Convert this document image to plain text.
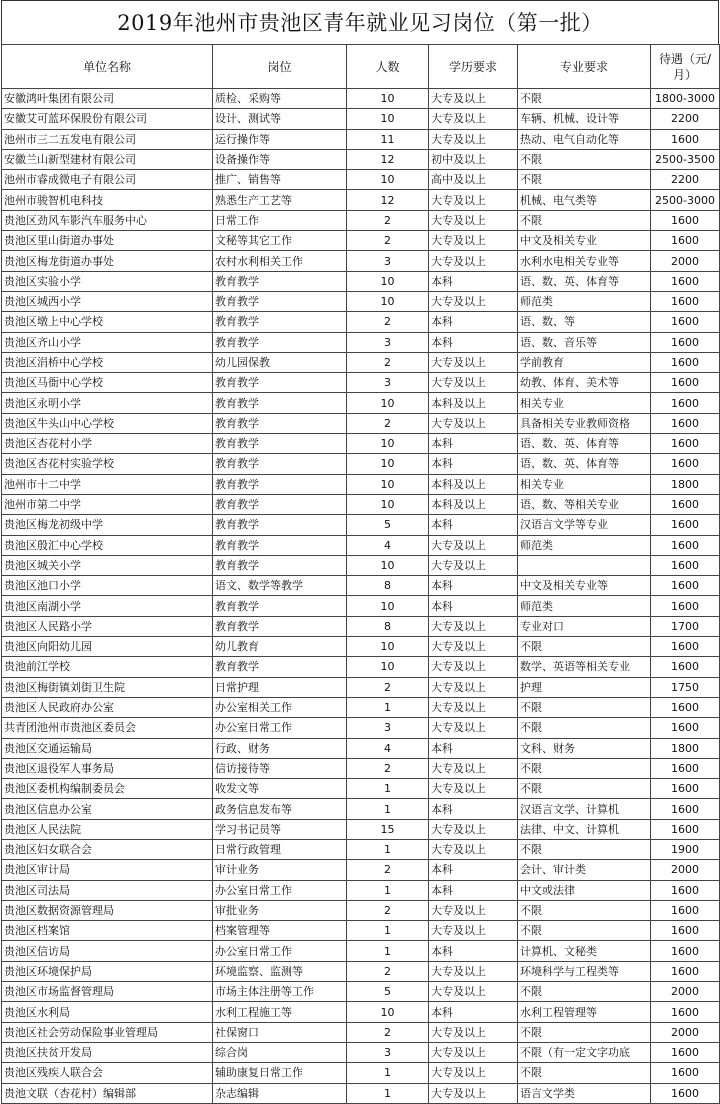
2019年池州市贵池区青年就业见习岗位（第一批）
单位名称	岗位	人数	学历要求	专业要求	待遇（元/月）
安徽鸿叶集团有限公司	质检、采购等	10	大专及以上	不限	1800-3000
安徽艾可蓝环保股份有限公司	设计、测试等	10	大专及以上	车辆、机械、设计等	2200
池州市三二五发电有限公司	运行操作等	11	大专及以上	热动、电气自动化等	1600
安徽兰山新型建材有限公司	设备操作等	12	初中及以上	不限	2500-3500
池州市睿成微电子有限公司	推广、销售等	10	高中及以上	不限	2200
池州市骏智机电科技	熟悉生产工艺等	12	大专及以上	机械、电气类等	2500-3000
贵池区劲风车影汽车服务中心	日常工作	2	大专及以上	不限	1600
贵池区里山街道办事处	文秘等其它工作	2	大专及以上	中文及相关专业	1600
贵池区梅龙街道办事处	农村水利相关工作	3	大专及以上	水利水电相关专业等	2000
贵池区实验小学	教育教学	10	本科	语、数、英、体育等	1600
贵池区城西小学	教育教学	10	大专及以上	师范类	1600
贵池区墩上中心学校	教育教学	2	本科	语、数、等	1600
贵池区齐山小学	教育教学	3	本科	语、数、音乐等	1600
贵池区涓桥中心学校	幼儿园保教	2	大专及以上	学前教育	1600
贵池区马衙中心学校	教育教学	3	大专及以上	幼教、体育、美术等	1600
贵池区永明小学	教育教学	10	本科及以上	相关专业	1600
贵池区牛头山中心学校	教育教学	2	大专及以上	具备相关专业教师资格	1600
贵池区杏花村小学	教育教学	10	本科	语、数、英、体育等	1600
贵池区杏花村实验学校	教育教学	10	本科	语、数、英、体育等	1600
池州市十二中学	教育教学	10	本科及以上	相关专业	1800
池州市第二中学	教育教学	10	本科及以上	语、数、等相关专业	1600
贵池区梅龙初级中学	教育教学	5	本科	汉语言文学等专业	1600
贵池区殷汇中心学校	教育教学	4	大专及以上	师范类	1600
贵池区城关小学	教育教学	10	大专及以上		1600
贵池区池口小学	语文、数学等教学	8	本科	中文及相关专业等	1600
贵池区南湖小学	教育教学	10	本科	师范类	1600
贵池区人民路小学	教育教学	8	大专及以上	专业对口	1700
贵池区向阳幼儿园	幼儿教育	10	大专及以上	不限	1600
贵池前江学校	教育教学	10	大专及以上	数学、英语等相关专业	1600
贵池区梅街镇刘街卫生院	日常护理	2	大专及以上	护理	1750
贵池区人民政府办公室	办公室相关工作	1	大专及以上	不限	1600
共青团池州市贵池区委员会	办公室日常工作	3	大专及以上	不限	1600
贵池区交通运输局	行政、财务	4	本科	文科、财务	1800
贵池区退役军人事务局	信访接待等	2	大专及以上	不限	1600
贵池区委机构编制委员会	收发文等	1	大专及以上	不限	1600
贵池区信息办公室	政务信息发布等	1	本科	汉语言文学、计算机	1600
贵池区人民法院	学习书记员等	15	大专及以上	法律、中文、计算机	1600
贵池区妇女联合会	日常行政管理	1	大专及以上	不限	1900
贵池区审计局	审计业务	2	本科	会计、审计类	2000
贵池区司法局	办公室日常工作	1	本科	中文或法律	1600
贵池区数据资源管理局	审批业务	2	大专及以上	不限	1600
贵池区档案馆	档案管理等	1	大专及以上	不限	1600
贵池区信访局	办公室日常工作	1	本科	计算机、文秘类	1600
贵池区环境保护局	环境监察、监测等	2	大专及以上	环境科学与工程类等	1600
贵池区市场监督管理局	市场主体注册等工作	5	大专及以上	不限	2000
贵池区水利局	水利工程施工等	10	本科	水利工程管理等	1600
贵池区社会劳动保险事业管理局	社保窗口	2	大专及以上	不限	2000
贵池区扶贫开发局	综合岗	3	大专及以上	不限（有一定文字功底	1600
贵池区残疾人联合会	辅助康复日常工作	1	大专及以上	不限	1600
贵池文联（杏花村）编辑部	杂志编辑	1	大专及以上	语言文学类	1600
